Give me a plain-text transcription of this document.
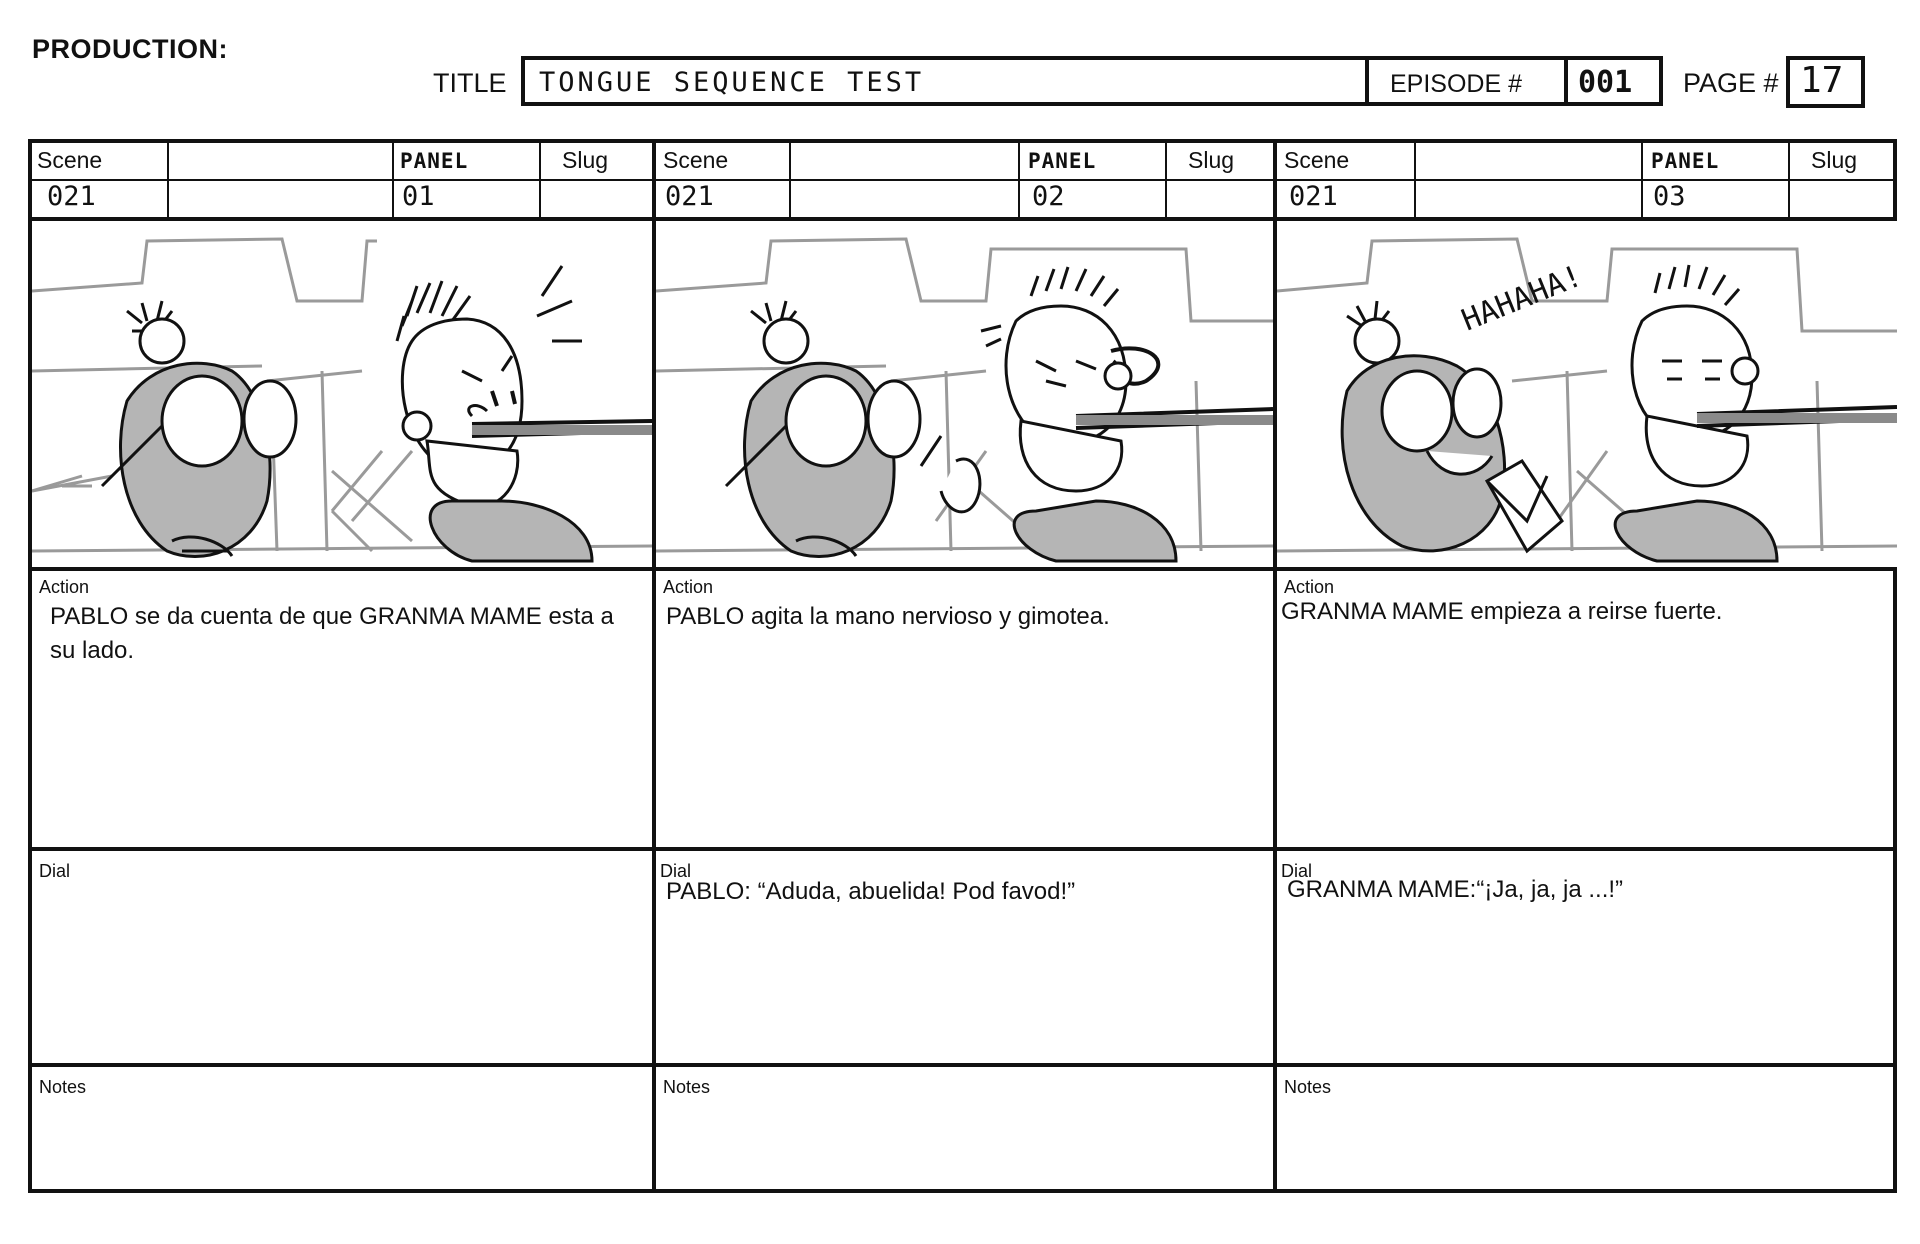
PRODUCTION:
TITLE TONGUE SEQUENCE TEST	EPISODE # 001 PAGE # 17
Scene	PANEL	Slug
021	01
Action
PABLO se da cuenta de que GRANMA MAME esta a su lado.
Dial
Notes
Scene	PANEL	Slug
021	02
Action
PABLO agita la mano nervioso y gimotea.
Dial
PABLO: “Aduda, abuelida! Pod favod!”
Notes
Scene	PANEL	Slug
021	03
HAHAHA!
Action
GRANMA MAME empieza a reirse fuerte.
Dial
GRANMA MAME:“¡Ja, ja, ja ...!”
Notes
